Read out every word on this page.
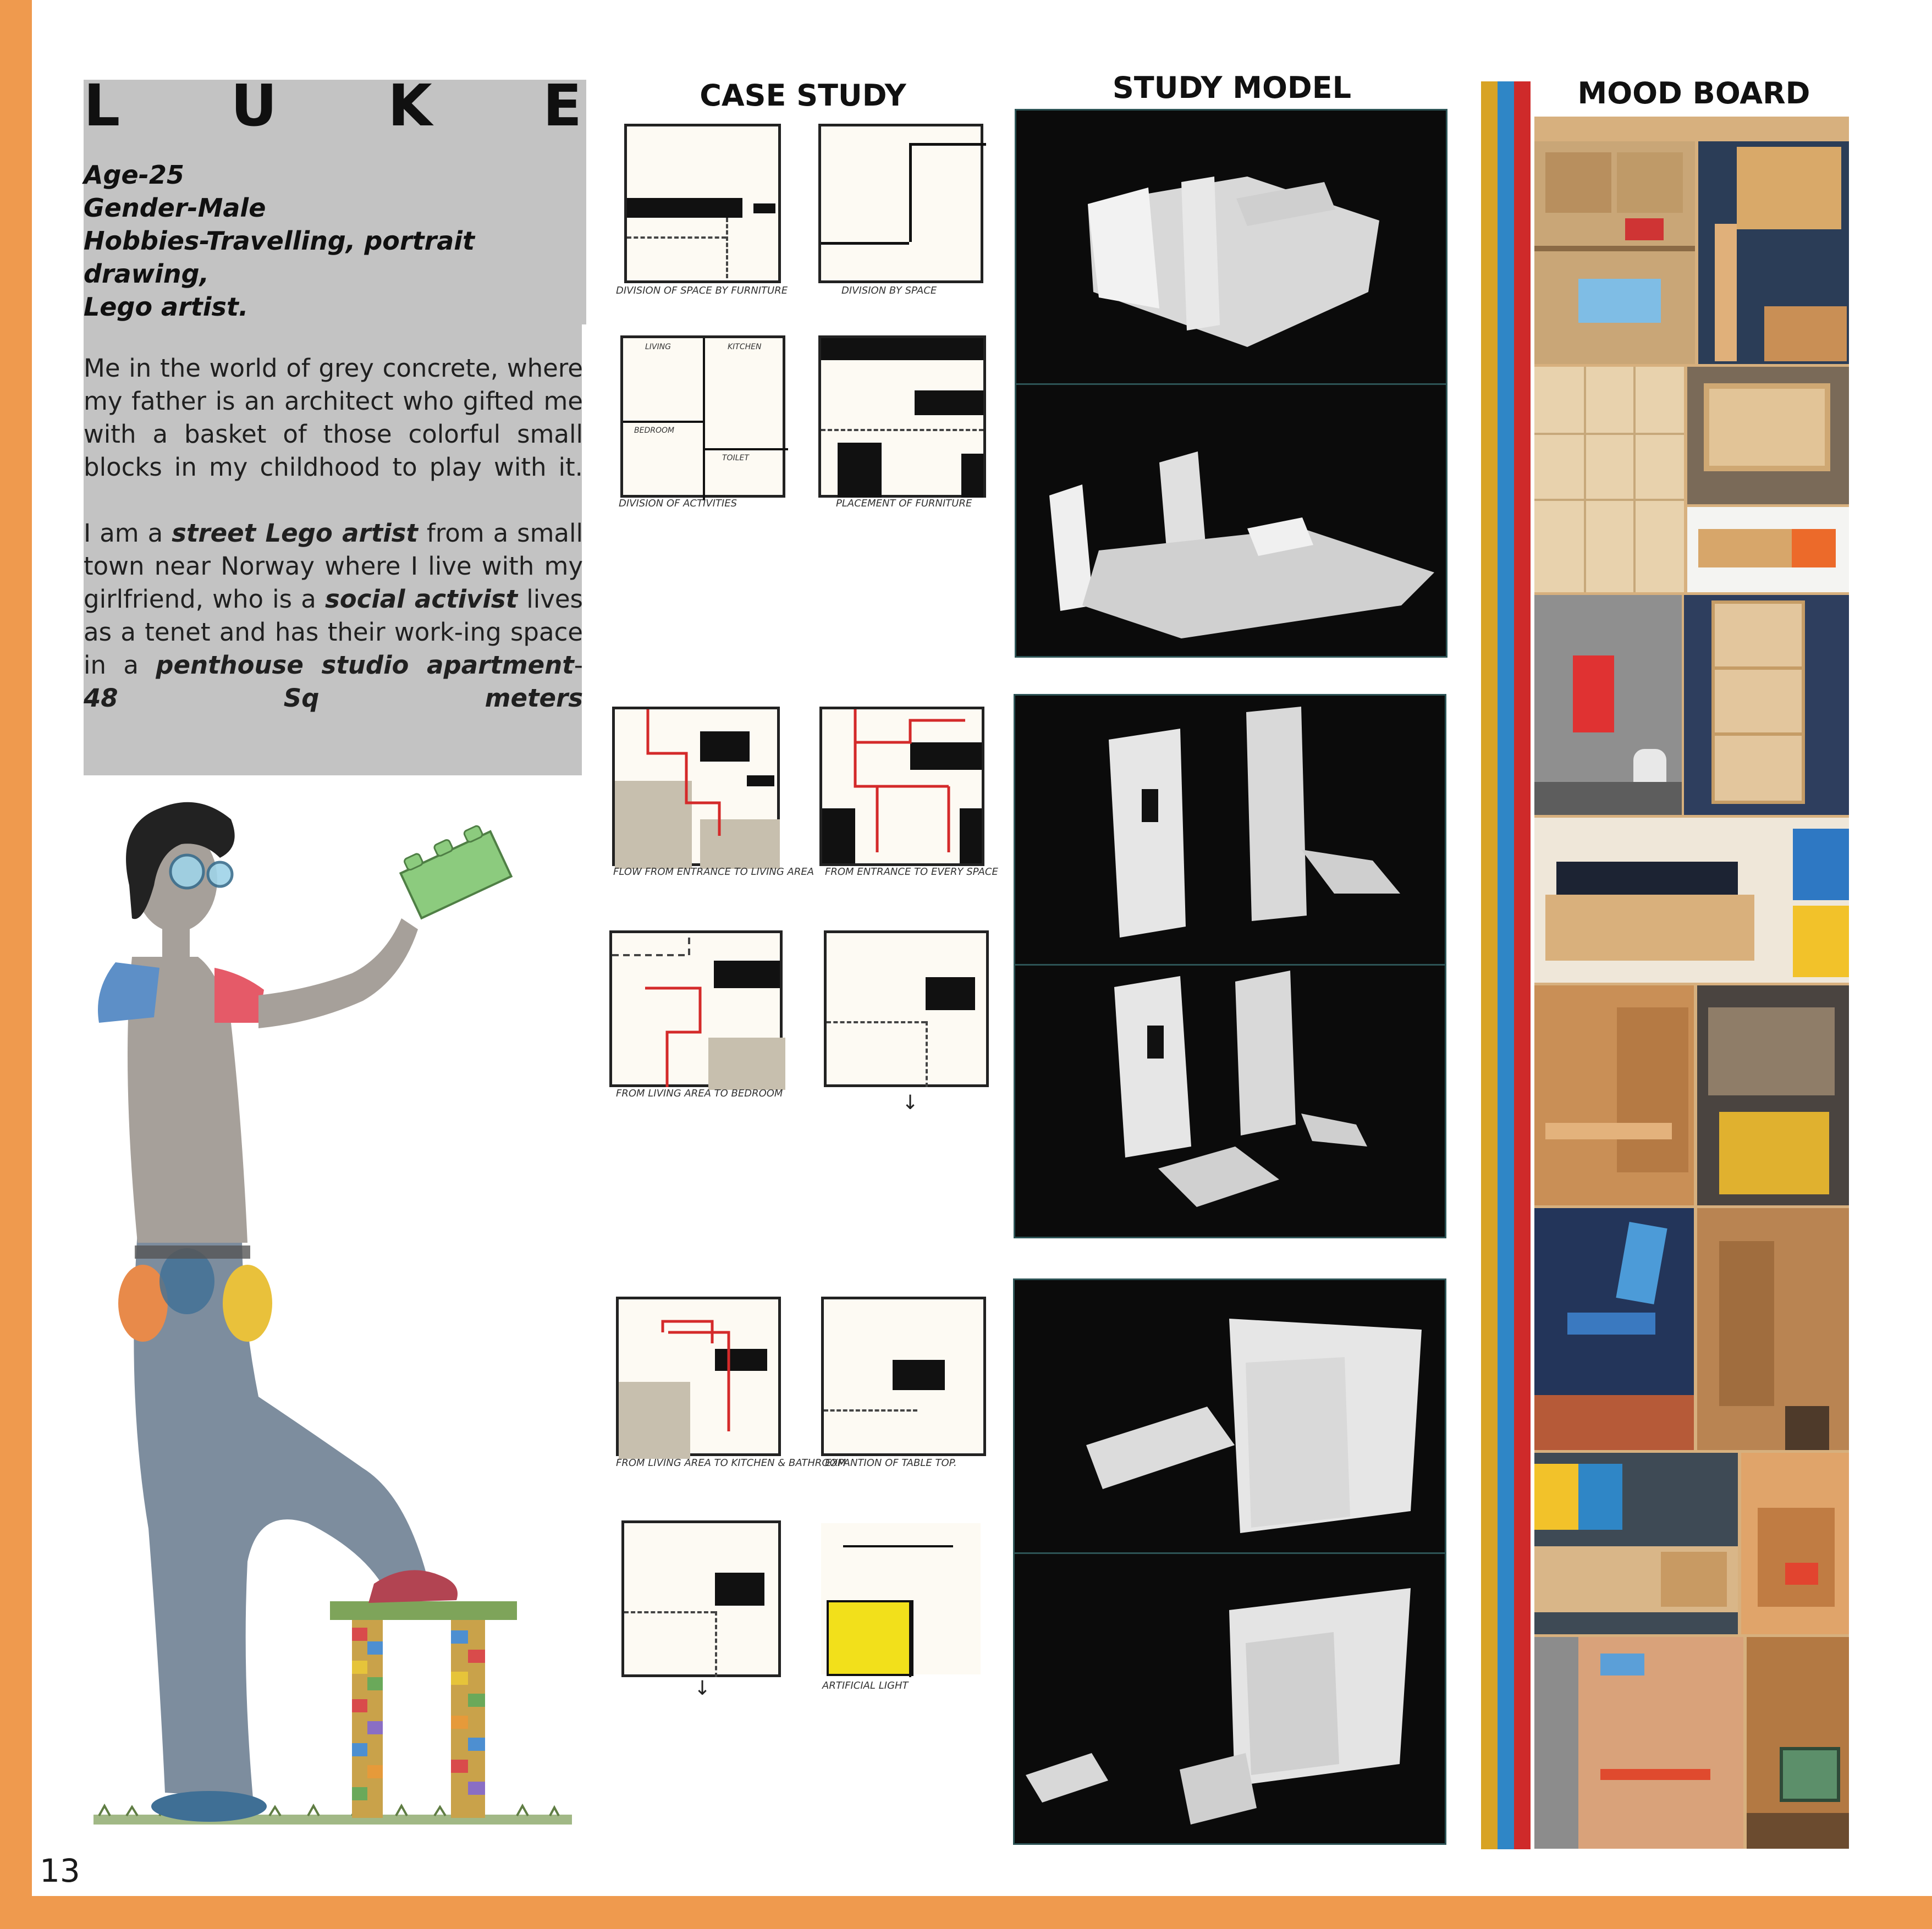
13
L U K E
Age-25
Gender-Male
Hobbies-Travelling, portrait drawing,
Lego artist.

Me in the world of grey concrete, where my father is an architect who gifted me with a basket of those colorful small blocks in my childhood to play with it.

I am a street Lego artist from a small town near Norway where I live with my girlfriend, who is a social activist lives as a tenet and has their work-ing space in a penthouse studio apartment- 48 Sq meters

CASE STUDY	STUDY MODEL	MOOD BOARD
DIVISION OF SPACE BY FURNITURE	DIVISION BY SPACE
LIVING	KITCHEN
BEDROOM
TOILET
DIVISION OF ACTIVITIES	PLACEMENT OF FURNITURE
FLOW FROM ENTRANCE TO LIVING AREA FROM ENTRANCE TO EVERY SPACE
FROM LIVING AREA TO BEDROOM	↓
FROM LIVING AREA TO KITCHEN & BATHROOM
EXPANTION OF TABLE TOP.
↓	ARTIFICIAL LIGHT
